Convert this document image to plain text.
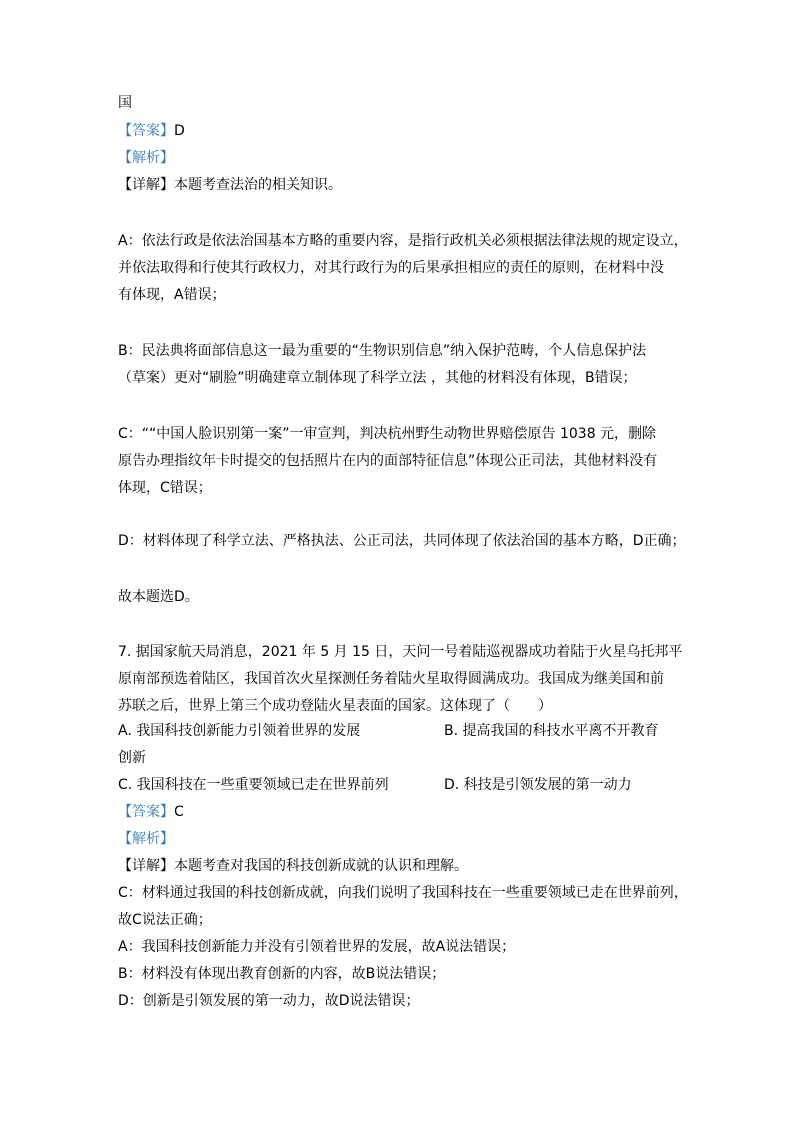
国
【答案】D
【解析】
【详解】本题考查法治的相关知识。
A：依法行政是依法治国基本方略的重要内容，是指行政机关必须根据法律法规的规定设立，
并依法取得和行使其行政权力，对其行政行为的后果承担相应的责任的原则，在材料中没
有体现，A错误；
B：民法典将面部信息这一最为重要的“生物识别信息”纳入保护范畴，个人信息保护法
（草案）更对“刷脸”明确建章立制体现了科学立法 ，其他的材料没有体现，B错误；
C：““中国人脸识别第一案”一审宣判，判决杭州野生动物世界赔偿原告 1038 元，删除
原告办理指纹年卡时提交的包括照片在内的面部特征信息”体现公正司法，其他材料没有
体现，C错误；
D：材料体现了科学立法、严格执法、公正司法，共同体现了依法治国的基本方略，D正确；
故本题选D。
7. 据国家航天局消息，2021 年 5 月 15 日，天问一号着陆巡视器成功着陆于火星乌托邦平
原南部预选着陆区，我国首次火星探测任务着陆火星取得圆满成功。我国成为继美国和前
苏联之后，世界上第三个成功登陆火星表面的国家。这体现了（　　）
A. 我国科技创新能力引领着世界的发展	B. 提高我国的科技水平离不开教育
创新
C. 我国科技在一些重要领域已走在世界前列	D. 科技是引领发展的第一动力
【答案】C
【解析】
【详解】本题考查对我国的科技创新成就的认识和理解。
C：材料通过我国的科技创新成就，向我们说明了我国科技在一些重要领域已走在世界前列，
故C说法正确；
A：我国科技创新能力并没有引领着世界的发展，故A说法错误；
B：材料没有体现出教育创新的内容，故B说法错误；
D：创新是引领发展的第一动力，故D说法错误；
